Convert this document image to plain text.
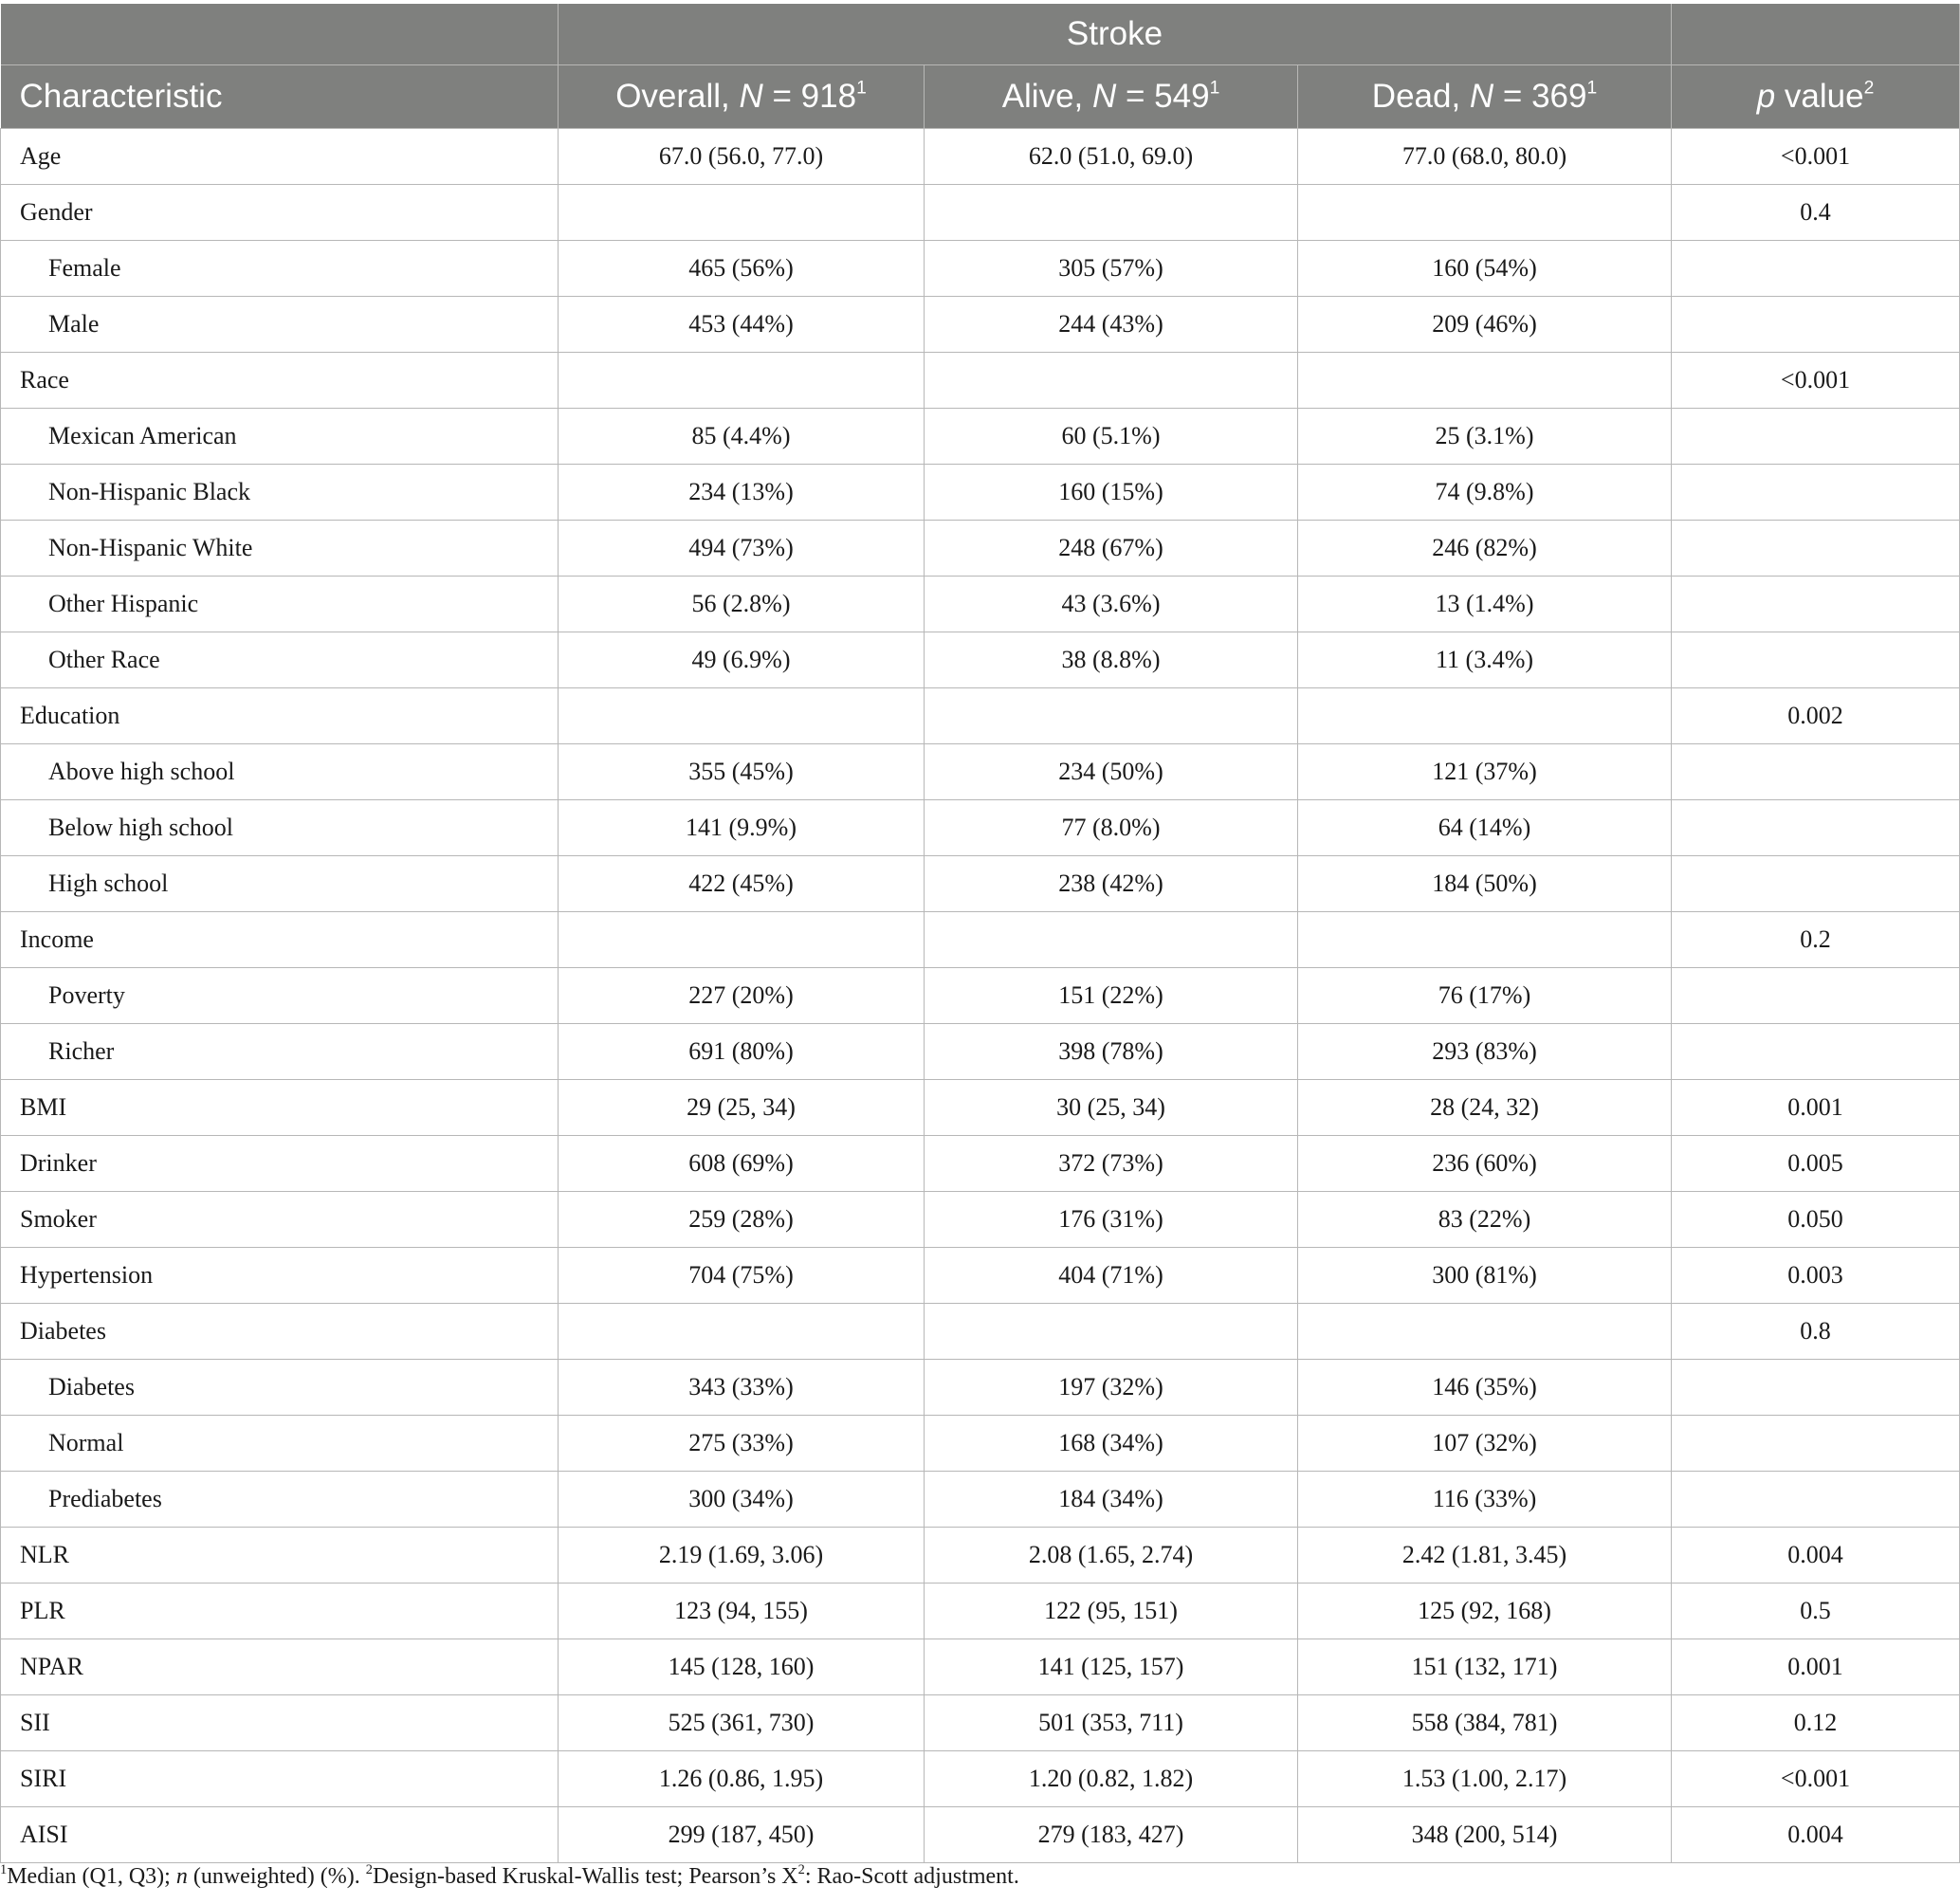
	Stroke			
Characteristic	Overall, $N = 918^1$	Alive, $N = 549^1$	Dead, $N = 369^1$	p value$^2$
Age	67.0 (56.0, 77.0)	62.0 (51.0, 69.0)	77.0 (68.0, 80.0)	<0.001
Gender				0.4
Female	465 (56%)	305 (57%)	160 (54%)	
Male	453 (44%)	244 (43%)	209 (46%)	
Race				<0.001
Mexican American	85 (4.4%)	60 (5.1%)	25 (3.1%)	
Non-Hispanic Black	234 (13%)	160 (15%)	74 (9.8%)	
Non-Hispanic White	494 (73%)	248 (67%)	246 (82%)	
Other Hispanic	56 (2.8%)	43 (3.6%)	13 (1.4%)	
Other Race	49 (6.9%)	38 (8.8%)	11 (3.4%)	
Education				0.002
Above high school	355 (45%)	234 (50%)	121 (37%)	
Below high school	141 (9.9%)	77 (8.0%)	64 (14%)	
High school	422 (45%)	238 (42%)	184 (50%)	
Income				0.2
Poverty	227 (20%)	151 (22%)	76 (17%)	
Richer	691 (80%)	398 (78%)	293 (83%)	
BMI	29 (25, 34)	30 (25, 34)	28 (24, 32)	0.001
Drinker	608 (69%)	372 (73%)	236 (60%)	0.005
Smoker	259 (28%)	176 (31%)	83 (22%)	0.050
Hypertension	704 (75%)	404 (71%)	300 (81%)	0.003
Diabetes				0.8
Diabetes	343 (33%)	197 (32%)	146 (35%)	
Normal	275 (33%)	168 (34%)	107 (32%)	
Prediabetes	300 (34%)	184 (34%)	116 (33%)	
NLR	2.19 (1.69, 3.06)	2.08 (1.65, 2.74)	2.42 (1.81, 3.45)	0.004
PLR	123 (94, 155)	122 (95, 151)	125 (92, 168)	0.5
NPAR	145 (128, 160)	141 (125, 157)	151 (132, 171)	0.001
SII	525 (361, 730)	501 (353, 711)	558 (384, 781)	0.12
SIRI	1.26 (0.86, 1.95)	1.20 (0.82, 1.82)	1.53 (1.00, 2.17)	<0.001
AISI	299 (187, 450)	279 (183, 427)	348 (200, 514)	0.004
$^1$Median (Q1, Q3); n (unweighted) (%). $^2$Design-based Kruskal-Wallis test; Pearson’s $X^2$: Rao-Scott adjustment.
